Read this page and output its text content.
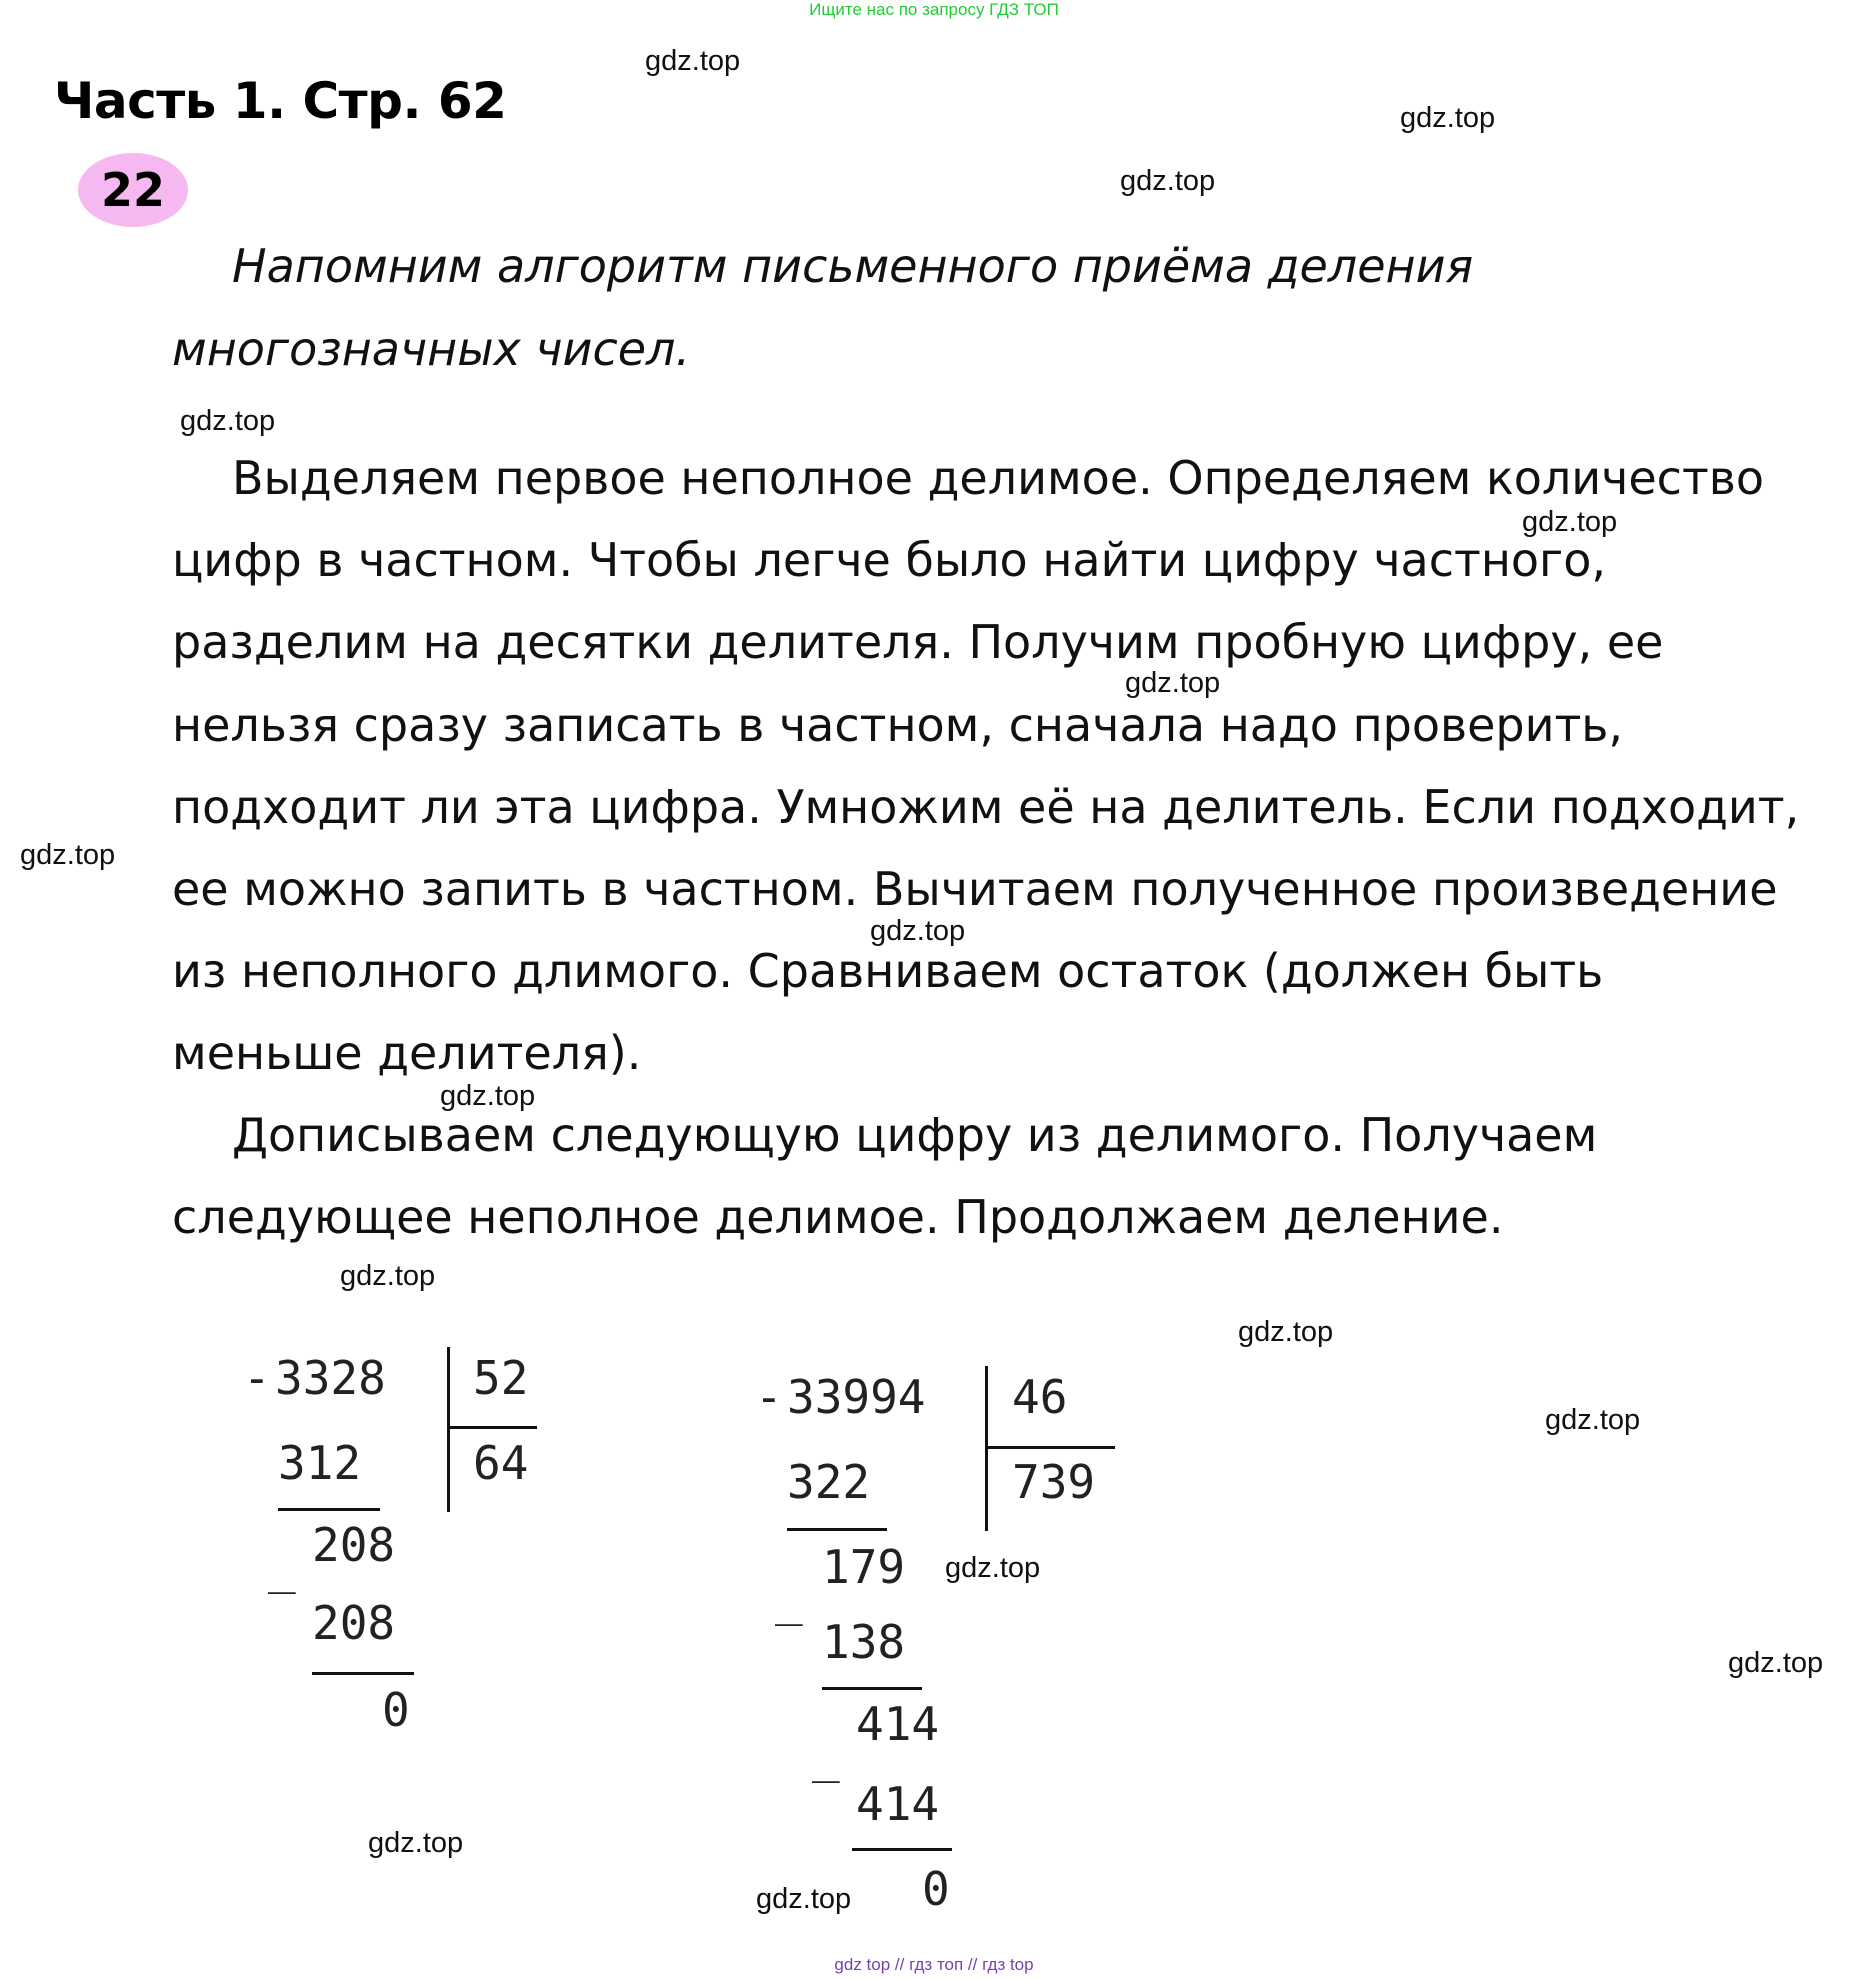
Ищите нас по запросу ГДЗ ТОП
gdz top // гдз топ // гдз top
Часть 1. Стр. 62
22
Напомним алгоритм письменного приёма деления
многозначных чисел.
Выделяем первое неполное делимое. Определяем количество
цифр в частном. Чтобы легче было найти цифру частного,
разделим на десятки делителя. Получим пробную цифру, ее
нельзя сразу записать в частном, сначала надо проверить,
подходит ли эта цифра. Умножим её на делитель. Если подходит,
ее можно запить в частном. Вычитаем полученное произведение
из неполного длимого. Сравниваем остаток (должен быть
меньше делителя).
Дописываем следующую цифру из делимого. Получаем
следующее неполное делимое. Продолжаем деление.
gdz.top
gdz.top
gdz.top
gdz.top
gdz.top
gdz.top
gdz.top
gdz.top
gdz.top
gdz.top
gdz.top
gdz.top
gdz.top
gdz.top
gdz.top
gdz.top
- 3328 52
64
312
_ 208
208
0
- 33994 46
739
322
_
179
138
_
414
414
0
